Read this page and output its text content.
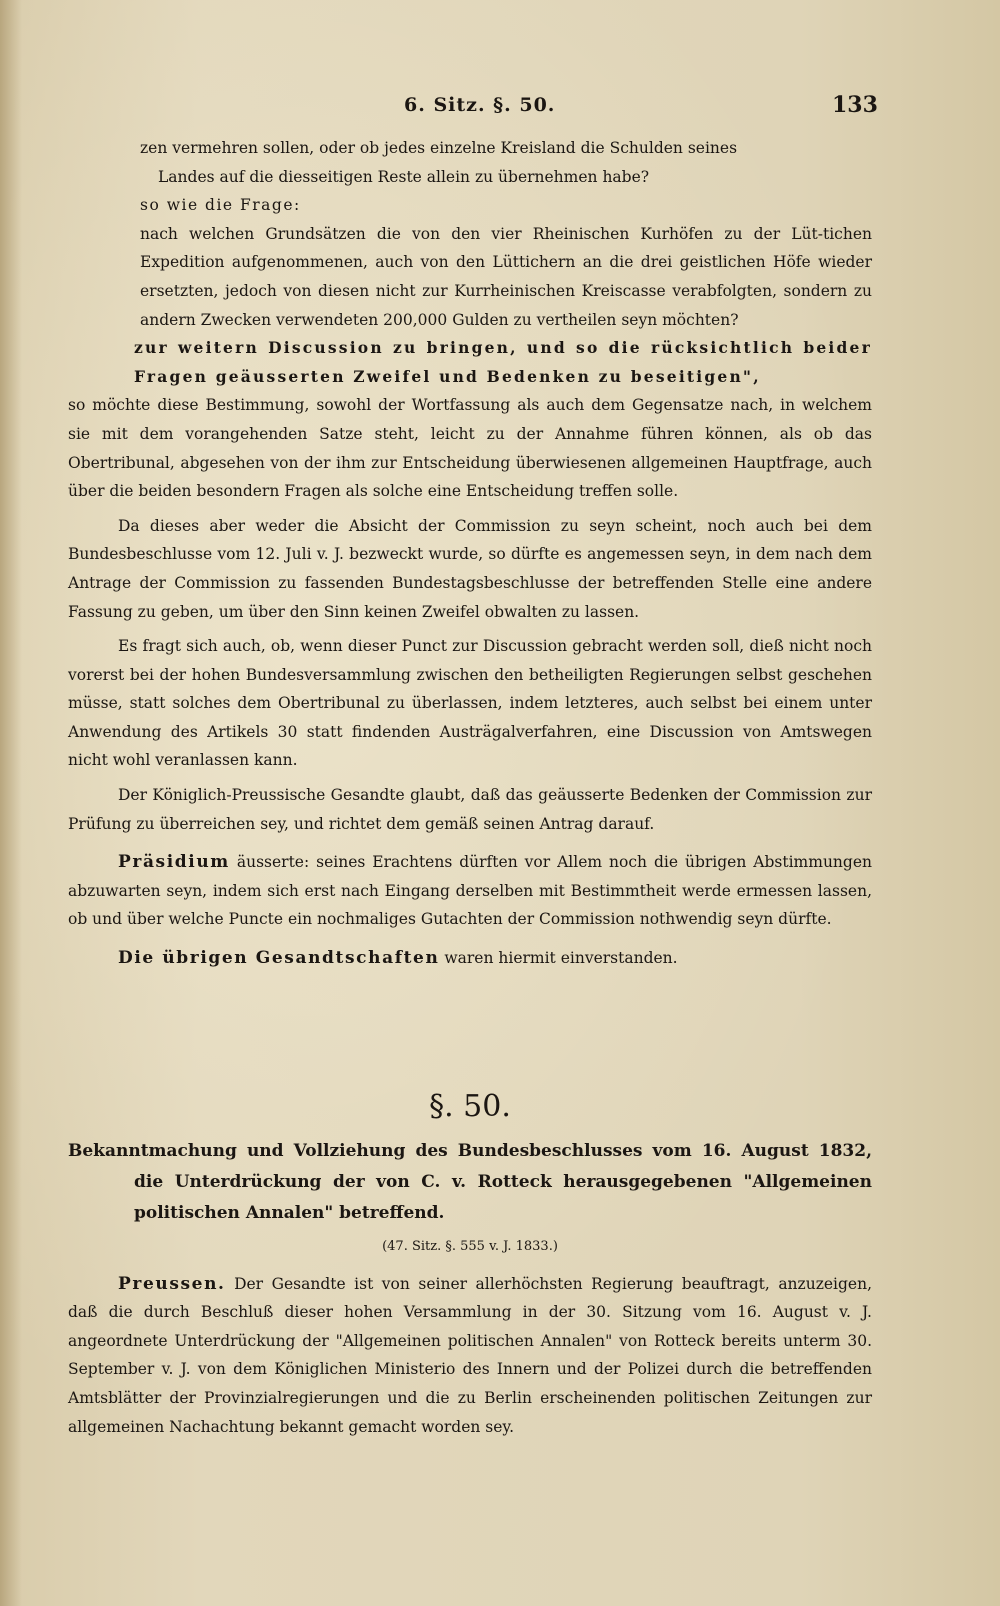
6. Sitz. §. 50.	133

zen vermehren sollen, oder ob jedes einzelne Kreisland die Schulden seines

Landes auf die diesseitigen Reste allein zu übernehmen habe?

so wie die Frage:

nach welchen Grundsätzen die von den vier Rheinischen Kurhöfen zu der Lüt-tichen Expedition aufgenommenen, auch von den Lüttichern an die drei geistlichen Höfe wieder ersetzten, jedoch von diesen nicht zur Kurrheinischen Kreiscasse verabfolgten, sondern zu andern Zwecken verwendeten 200,000 Gulden zu vertheilen seyn möchten?

zur weitern Discussion zu bringen, und so die rücksichtlich beider Fragen geäusserten Zweifel und Bedenken zu beseitigen",

so möchte diese Bestimmung, sowohl der Wortfassung als auch dem Gegensatze nach, in welchem sie mit dem vorangehenden Satze steht, leicht zu der Annahme führen können, als ob das Obertribunal, abgesehen von der ihm zur Entscheidung überwiesenen allgemeinen Hauptfrage, auch über die beiden besondern Fragen als solche eine Entscheidung treffen solle.

Da dieses aber weder die Absicht der Commission zu seyn scheint, noch auch bei dem Bundesbeschlusse vom 12. Juli v. J. bezweckt wurde, so dürfte es angemessen seyn, in dem nach dem Antrage der Commission zu fassenden Bundestagsbeschlusse der betreffenden Stelle eine andere Fassung zu geben, um über den Sinn keinen Zweifel obwalten zu lassen.

Es fragt sich auch, ob, wenn dieser Punct zur Discussion gebracht werden soll, dieß nicht noch vorerst bei der hohen Bundesversammlung zwischen den betheiligten Regierungen selbst geschehen müsse, statt solches dem Obertribunal zu überlassen, indem letzteres, auch selbst bei einem unter Anwendung des Artikels 30 statt findenden Austrägalverfahren, eine Discussion von Amtswegen nicht wohl veranlassen kann.

Der Königlich-Preussische Gesandte glaubt, daß das geäusserte Bedenken der Commission zur Prüfung zu überreichen sey, und richtet dem gemäß seinen Antrag darauf.

Präsidium äusserte: seines Erachtens dürften vor Allem noch die übrigen Abstimmungen abzuwarten seyn, indem sich erst nach Eingang derselben mit Bestimmtheit werde ermessen lassen, ob und über welche Puncte ein nochmaliges Gutachten der Commission nothwendig seyn dürfte.

Die übrigen Gesandtschaften waren hiermit einverstanden.

§. 50.

Bekanntmachung und Vollziehung des Bundesbeschlusses vom 16. August 1832, die Unterdrückung der von C. v. Rotteck herausgegebenen "Allgemeinen politischen Annalen" betreffend.

(47. Sitz. §. 555 v. J. 1833.)

Preussen. Der Gesandte ist von seiner allerhöchsten Regierung beauftragt, anzuzeigen, daß die durch Beschluß dieser hohen Versammlung in der 30. Sitzung vom 16. August v. J. angeordnete Unterdrückung der "Allgemeinen politischen Annalen" von Rotteck bereits unterm 30. September v. J. von dem Königlichen Ministerio des Innern und der Polizei durch die betreffenden Amtsblätter der Provinzialregierungen und die zu Berlin erscheinenden politischen Zeitungen zur allgemeinen Nachachtung bekannt gemacht worden sey.
